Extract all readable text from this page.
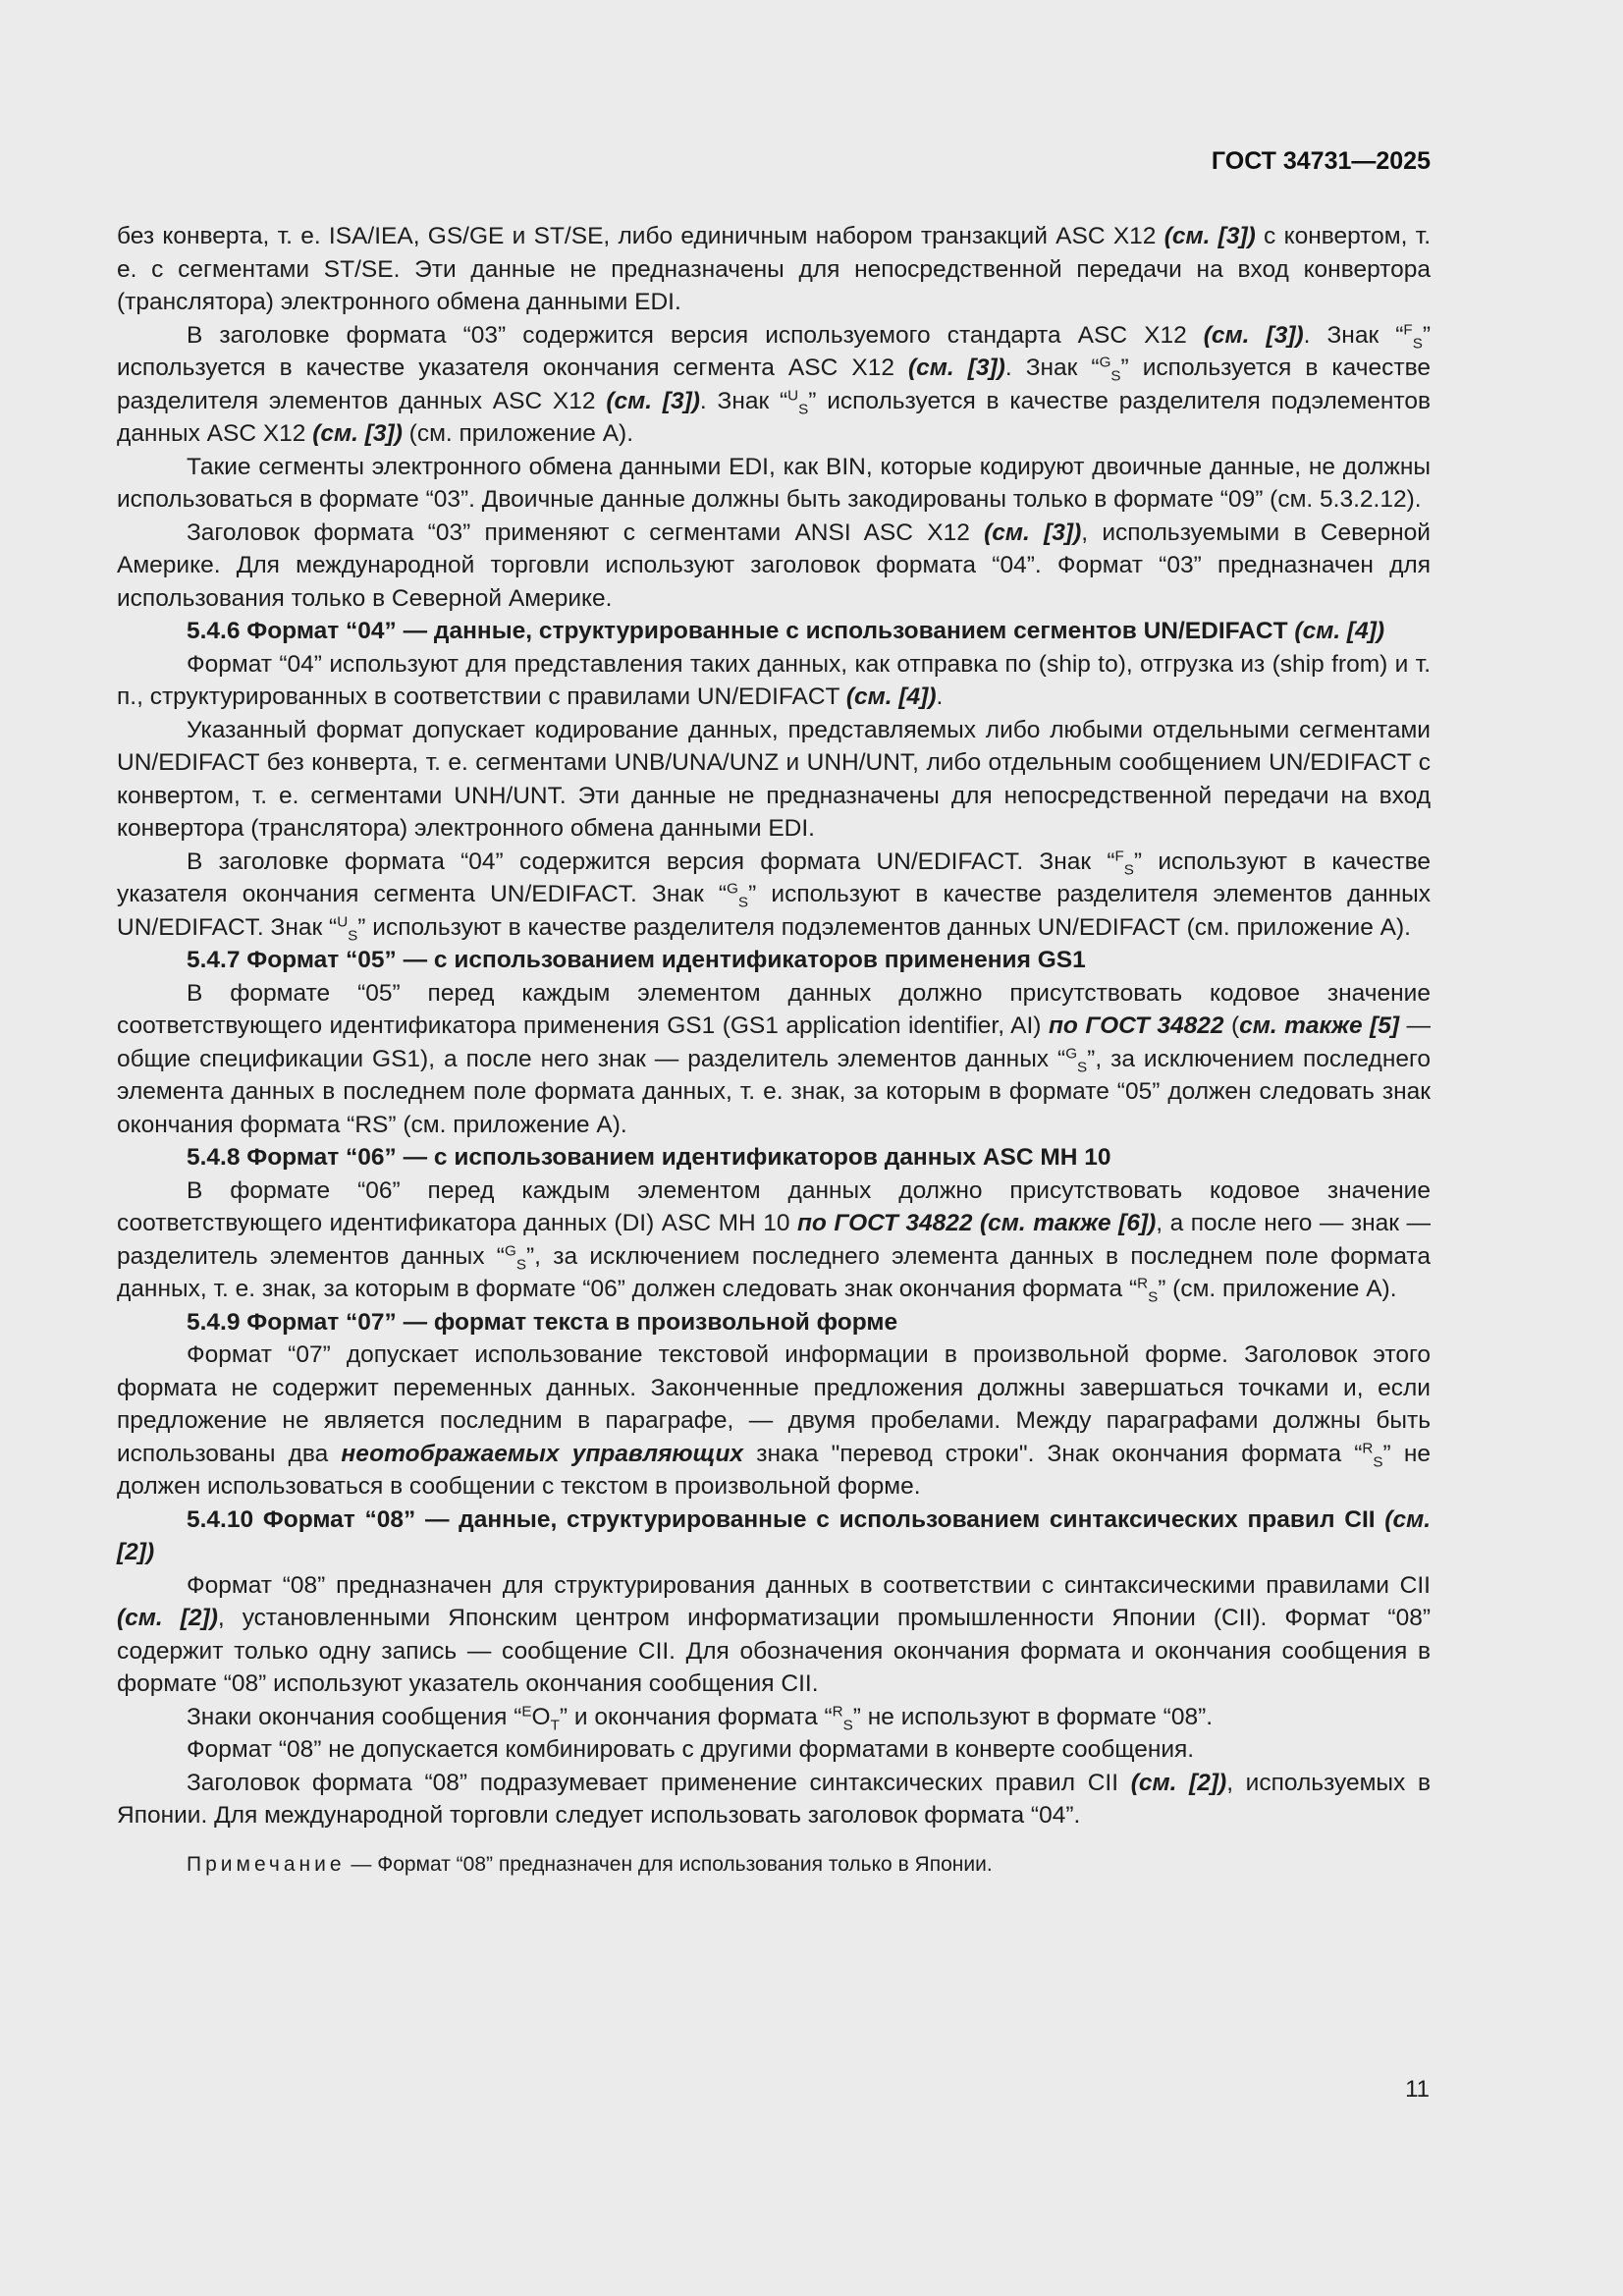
ГОСТ 34731—2025

без конверта, т. е. ISA/IEA, GS/GE и ST/SE, либо единичным набором транзакций ASC X12 (см. [3]) с конвертом, т. е. с сегментами ST/SE. Эти данные не предназначены для непосредственной передачи на вход конвертора (транслятора) электронного обмена данными EDI.

В заголовке формата “03” содержится версия используемого стандарта ASC X12 (см. [3]). Знак “$^F_S$” используется в качестве указателя окончания сегмента ASC X12 (см. [3]). Знак “$^G_S$” используется в качестве разделителя элементов данных ASC X12 (см. [3]). Знак “$^U_S$” используется в качестве разделителя подэлементов данных ASC X12 (см. [3]) (см. приложение А).

Такие сегменты электронного обмена данными EDI, как BIN, которые кодируют двоичные данные, не должны использоваться в формате “03”. Двоичные данные должны быть закодированы только в формате “09” (см. 5.3.2.12).

Заголовок формата “03” применяют с сегментами ANSI ASC X12 (см. [3]), используемыми в Северной Америке. Для международной торговли используют заголовок формата “04”. Формат “03” предназначен для использования только в Северной Америке.

5.4.6 Формат “04” — данные, структурированные с использованием сегментов UN/EDIFACT (см. [4])

Формат “04” используют для представления таких данных, как отправка по (ship to), отгрузка из (ship from) и т. п., структурированных в соответствии с правилами UN/EDIFACT (см. [4]).

Указанный формат допускает кодирование данных, представляемых либо любыми отдельными сегментами UN/EDIFACT без конверта, т. е. сегментами UNB/UNA/UNZ и UNH/UNT, либо отдельным сообщением UN/EDIFACT с конвертом, т. е. сегментами UNH/UNT. Эти данные не предназначены для непосредственной передачи на вход конвертора (транслятора) электронного обмена данными EDI.

В заголовке формата “04” содержится версия формата UN/EDIFACT. Знак “$^F_S$” используют в качестве указателя окончания сегмента UN/EDIFACT. Знак “$^G_S$” используют в качестве разделителя элементов данных UN/EDIFACT. Знак “$^U_S$” используют в качестве разделителя подэлементов данных UN/EDIFACT (см. приложение А).

5.4.7 Формат “05” — с использованием идентификаторов применения GS1

В формате “05” перед каждым элементом данных должно присутствовать кодовое значение соответствующего идентификатора применения GS1 (GS1 application identifier, AI) по ГОСТ 34822 (см. также [5] — общие спецификации GS1), а после него знак — разделитель элементов данных “$^G_S$”, за исключением последнего элемента данных в последнем поле формата данных, т. е. знак, за которым в формате “05” должен следовать знак окончания формата “RS” (см. приложение А).

5.4.8 Формат “06” — с использованием идентификаторов данных ASC MH 10

В формате “06” перед каждым элементом данных должно присутствовать кодовое значение соответствующего идентификатора данных (DI) ASC MH 10 по ГОСТ 34822 (см. также [6]), а после него — знак — разделитель элементов данных “$^G_S$”, за исключением последнего элемента данных в последнем поле формата данных, т. е. знак, за которым в формате “06” должен следовать знак окончания формата “$^R_S$” (см. приложение А).

5.4.9 Формат “07” — формат текста в произвольной форме

Формат “07” допускает использование текстовой информации в произвольной форме. Заголовок этого формата не содержит переменных данных. Законченные предложения должны завершаться точками и, если предложение не является последним в параграфе, — двумя пробелами. Между параграфами должны быть использованы два неотображаемых управляющих знака "перевод строки". Знак окончания формата “$^R_S$” не должен использоваться в сообщении с текстом в произвольной форме.

5.4.10 Формат “08” — данные, структурированные с использованием синтаксических правил CII (см. [2])

Формат “08” предназначен для структурирования данных в соответствии с синтаксическими правилами CII (см. [2]), установленными Японским центром информатизации промышленности Японии (CII). Формат “08” содержит только одну запись — сообщение CII. Для обозначения окончания формата и окончания сообщения в формате “08” используют указатель окончания сообщения CII.

Знаки окончания сообщения “$^EO_T$” и окончания формата “$^R_S$” не используют в формате “08”.

Формат “08” не допускается комбинировать с другими форматами в конверте сообщения.

Заголовок формата “08” подразумевает применение синтаксических правил CII (см. [2]), используемых в Японии. Для международной торговли следует использовать заголовок формата “04”.

Примечание — Формат “08” предназначен для использования только в Японии.

11
